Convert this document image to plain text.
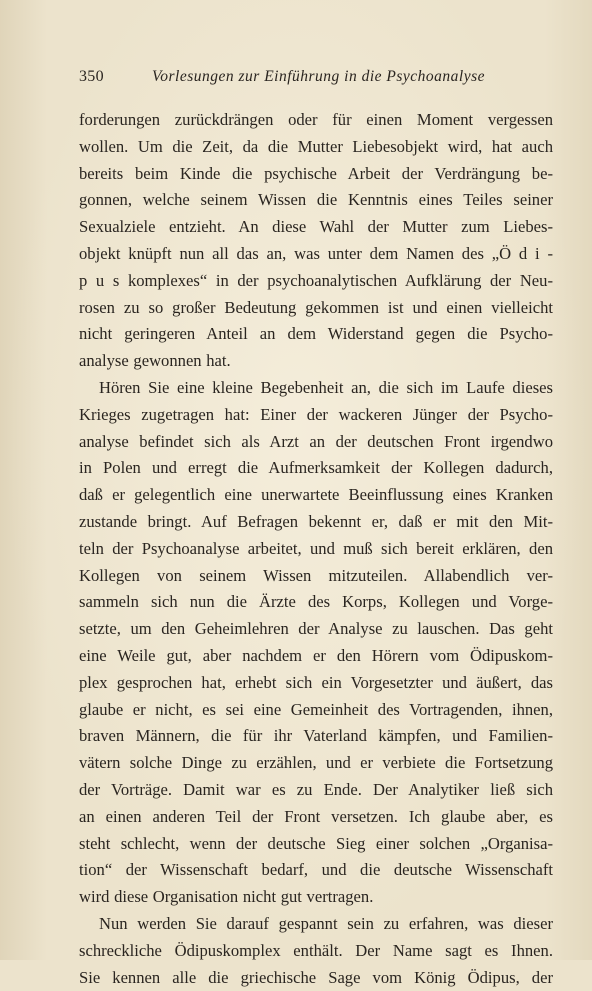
350	Vorlesungen zur Einführung in die Psychoanalyse
forderungen zurückdrängen oder für einen Moment vergessen
wollen. Um die Zeit, da die Mutter Liebesobjekt wird, hat auch
bereits beim Kinde die psychische Arbeit der Verdrängung be-
gonnen, welche seinem Wissen die Kenntnis eines Teiles seiner
Sexualziele entzieht. An diese Wahl der Mutter zum Liebes-
objekt knüpft nun all das an, was unter dem Namen des „Ö d i -
p u s komplexes“ in der psychoanalytischen Aufklärung der Neu-
rosen zu so großer Bedeutung gekommen ist und einen vielleicht
nicht geringeren Anteil an dem Widerstand gegen die Psycho-
analyse gewonnen hat.
Hören Sie eine kleine Begebenheit an, die sich im Laufe dieses
Krieges zugetragen hat: Einer der wackeren Jünger der Psycho-
analyse befindet sich als Arzt an der deutschen Front irgendwo
in Polen und erregt die Aufmerksamkeit der Kollegen dadurch,
daß er gelegentlich eine unerwartete Beeinflussung eines Kranken
zustande bringt. Auf Befragen bekennt er, daß er mit den Mit-
teln der Psychoanalyse arbeitet, und muß sich bereit erklären, den
Kollegen von seinem Wissen mitzuteilen. Allabendlich ver-
sammeln sich nun die Ärzte des Korps, Kollegen und Vorge-
setzte, um den Geheimlehren der Analyse zu lauschen. Das geht
eine Weile gut, aber nachdem er den Hörern vom Ödipuskom-
plex gesprochen hat, erhebt sich ein Vorgesetzter und äußert, das
glaube er nicht, es sei eine Gemeinheit des Vortragenden, ihnen,
braven Männern, die für ihr Vaterland kämpfen, und Familien-
vätern solche Dinge zu erzählen, und er verbiete die Fortsetzung
der Vorträge. Damit war es zu Ende. Der Analytiker ließ sich
an einen anderen Teil der Front versetzen. Ich glaube aber, es
steht schlecht, wenn der deutsche Sieg einer solchen „Organisa-
tion“ der Wissenschaft bedarf, und die deutsche Wissenschaft
wird diese Organisation nicht gut vertragen.
Nun werden Sie darauf gespannt sein zu erfahren, was dieser
schreckliche Ödipuskomplex enthält. Der Name sagt es Ihnen.
Sie kennen alle die griechische Sage vom König Ödipus, der
